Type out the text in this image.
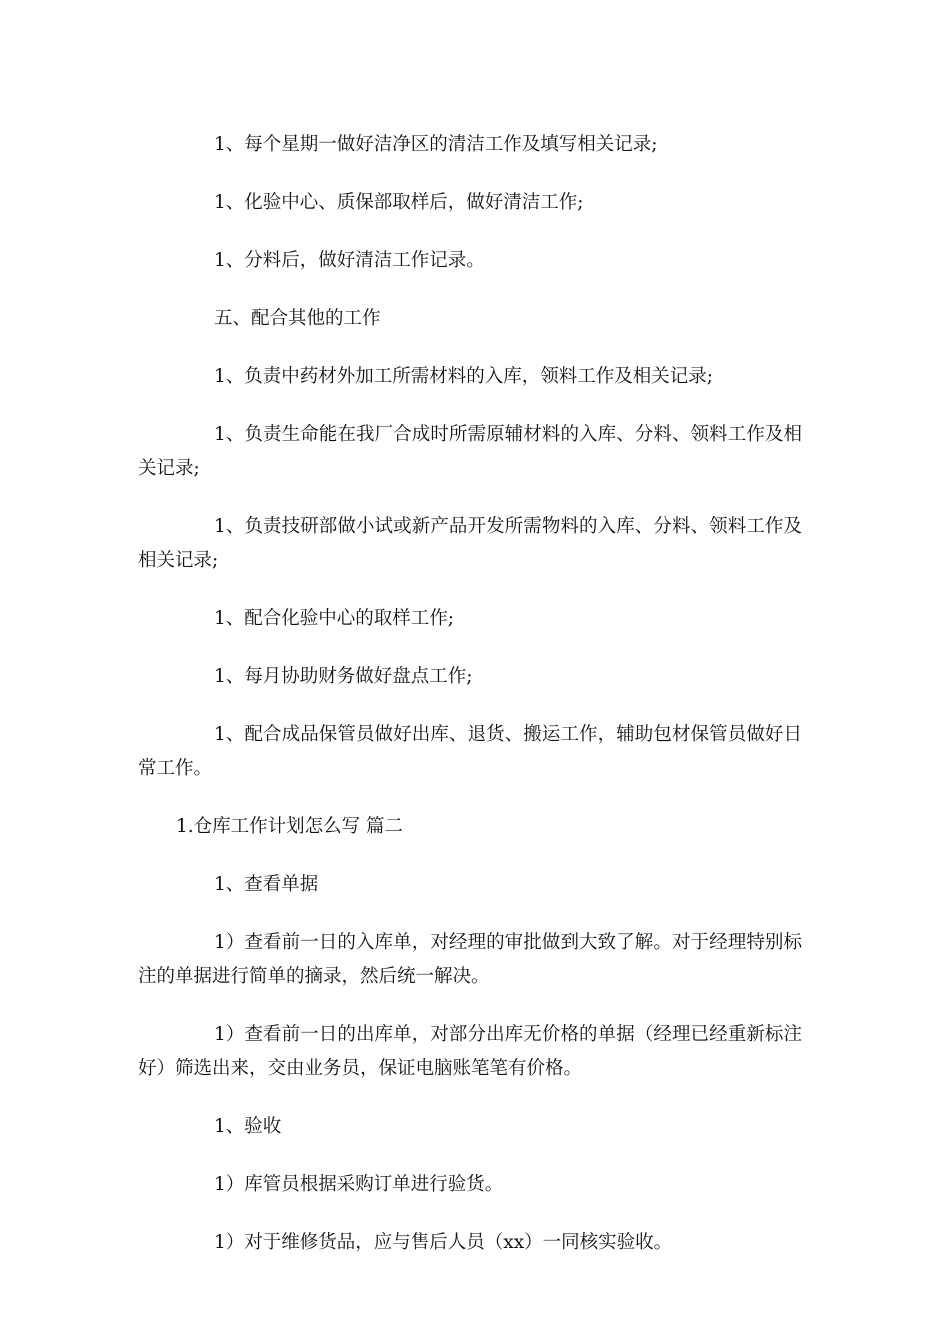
1、每个星期一做好洁净区的清洁工作及填写相关记录;

1、化验中心、质保部取样后，做好清洁工作;

1、分料后，做好清洁工作记录。

五、配合其他的工作

1、负责中药材外加工所需材料的入库，领料工作及相关记录;

1、负责生命能在我厂合成时所需原辅材料的入库、分料、领料工作及相关记录;

1、负责技研部做小试或新产品开发所需物料的入库、分料、领料工作及相关记录;

1、配合化验中心的取样工作;

1、每月协助财务做好盘点工作;

1、配合成品保管员做好出库、退货、搬运工作，辅助包材保管员做好日常工作。

1.仓库工作计划怎么写 篇二

1、查看单据

1）查看前一日的入库单，对经理的审批做到大致了解。对于经理特别标注的单据进行简单的摘录，然后统一解决。

1）查看前一日的出库单，对部分出库无价格的单据（经理已经重新标注好）筛选出来，交由业务员，保证电脑账笔笔有价格。

1、验收

1）库管员根据采购订单进行验货。

1）对于维修货品，应与售后人员（xx）一同核实验收。
